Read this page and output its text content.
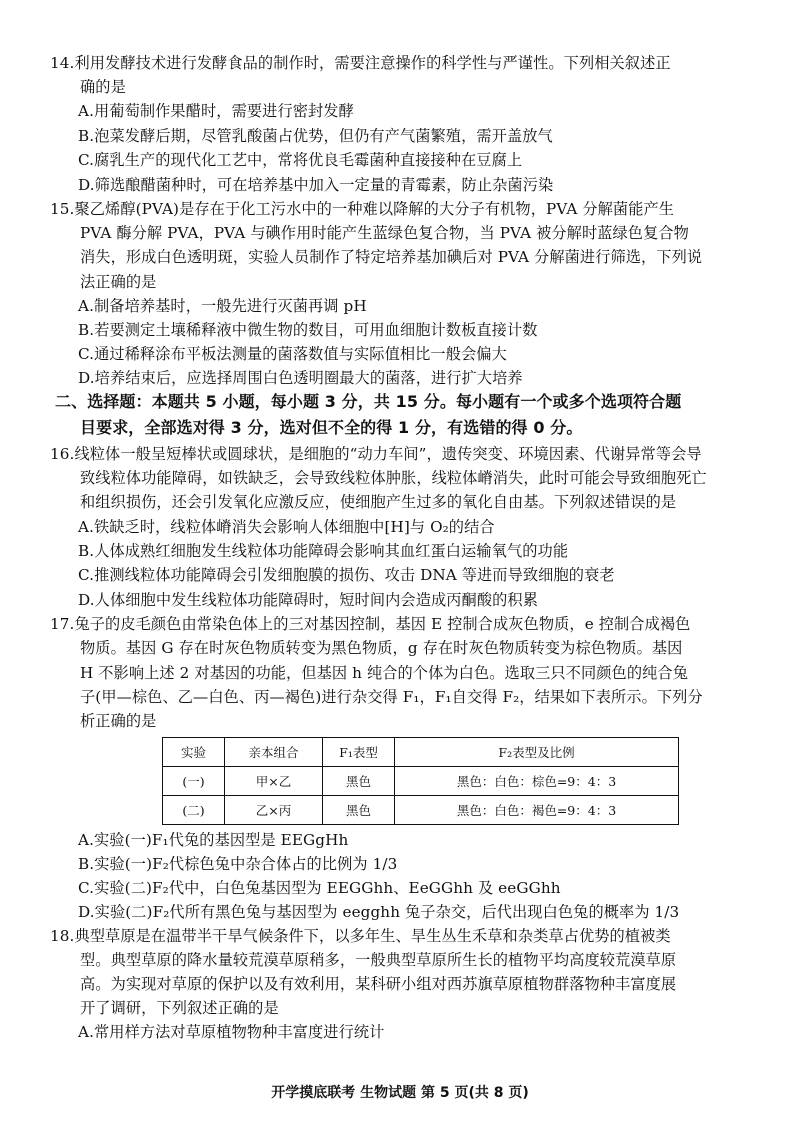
14.利用发酵技术进行发酵食品的制作时，需要注意操作的科学性与严谨性。下列相关叙述正
确的是
A.用葡萄制作果醋时，需要进行密封发酵
B.泡菜发酵后期，尽管乳酸菌占优势，但仍有产气菌繁殖，需开盖放气
C.腐乳生产的现代化工艺中，常将优良毛霉菌种直接接种在豆腐上
D.筛选酿醋菌种时，可在培养基中加入一定量的青霉素，防止杂菌污染
15.聚乙烯醇(PVA)是存在于化工污水中的一种难以降解的大分子有机物，PVA 分解菌能产生
PVA 酶分解 PVA，PVA 与碘作用时能产生蓝绿色复合物，当 PVA 被分解时蓝绿色复合物
消失，形成白色透明斑，实验人员制作了特定培养基加碘后对 PVA 分解菌进行筛选，下列说
法正确的是
A.制备培养基时，一般先进行灭菌再调 pH
B.若要测定土壤稀释液中微生物的数目，可用血细胞计数板直接计数
C.通过稀释涂布平板法测量的菌落数值与实际值相比一般会偏大
D.培养结束后，应选择周围白色透明圈最大的菌落，进行扩大培养
二、选择题：本题共 5 小题，每小题 3 分，共 15 分。每小题有一个或多个选项符合题
目要求，全部选对得 3 分，选对但不全的得 1 分，有选错的得 0 分。
16.线粒体一般呈短棒状或圆球状，是细胞的“动力车间”，遗传突变、环境因素、代谢异常等会导
致线粒体功能障碍，如铁缺乏，会导致线粒体肿胀，线粒体嵴消失，此时可能会导致细胞死亡
和组织损伤，还会引发氧化应激反应，使细胞产生过多的氧化自由基。下列叙述错误的是
A.铁缺乏时，线粒体嵴消失会影响人体细胞中[H]与 O₂的结合
B.人体成熟红细胞发生线粒体功能障碍会影响其血红蛋白运输氧气的功能
C.推测线粒体功能障碍会引发细胞膜的损伤、攻击 DNA 等进而导致细胞的衰老
D.人体细胞中发生线粒体功能障碍时，短时间内会造成丙酮酸的积累
17.兔子的皮毛颜色由常染色体上的三对基因控制，基因 E 控制合成灰色物质，e 控制合成褐色
物质。基因 G 存在时灰色物质转变为黑色物质，g 存在时灰色物质转变为棕色物质。基因
H 不影响上述 2 对基因的功能，但基因 h 纯合的个体为白色。选取三只不同颜色的纯合兔
子(甲—棕色、乙—白色、丙—褐色)进行杂交得 F₁，F₁自交得 F₂，结果如下表所示。下列分
析正确的是
实验	亲本组合	F₁表型	F₂表型及比例
(一)	甲×乙	黑色	黑色：白色：棕色=9：4：3
(二)	乙×丙	黑色	黑色：白色：褐色=9：4：3
A.实验(一)F₁代兔的基因型是 EEGgHh
B.实验(一)F₂代棕色兔中杂合体占的比例为 1/3
C.实验(二)F₂代中，白色兔基因型为 EEGGhh、EeGGhh 及 eeGGhh
D.实验(二)F₂代所有黑色兔与基因型为 eegghh 兔子杂交，后代出现白色兔的概率为 1/3
18.典型草原是在温带半干旱气候条件下，以多年生、旱生丛生禾草和杂类草占优势的植被类
型。典型草原的降水量较荒漠草原稍多，一般典型草原所生长的植物平均高度较荒漠草原
高。为实现对草原的保护以及有效利用，某科研小组对西苏旗草原植物群落物种丰富度展
开了调研，下列叙述正确的是
A.常用样方法对草原植物物种丰富度进行统计
开学摸底联考 生物试题 第 5 页(共 8 页)
